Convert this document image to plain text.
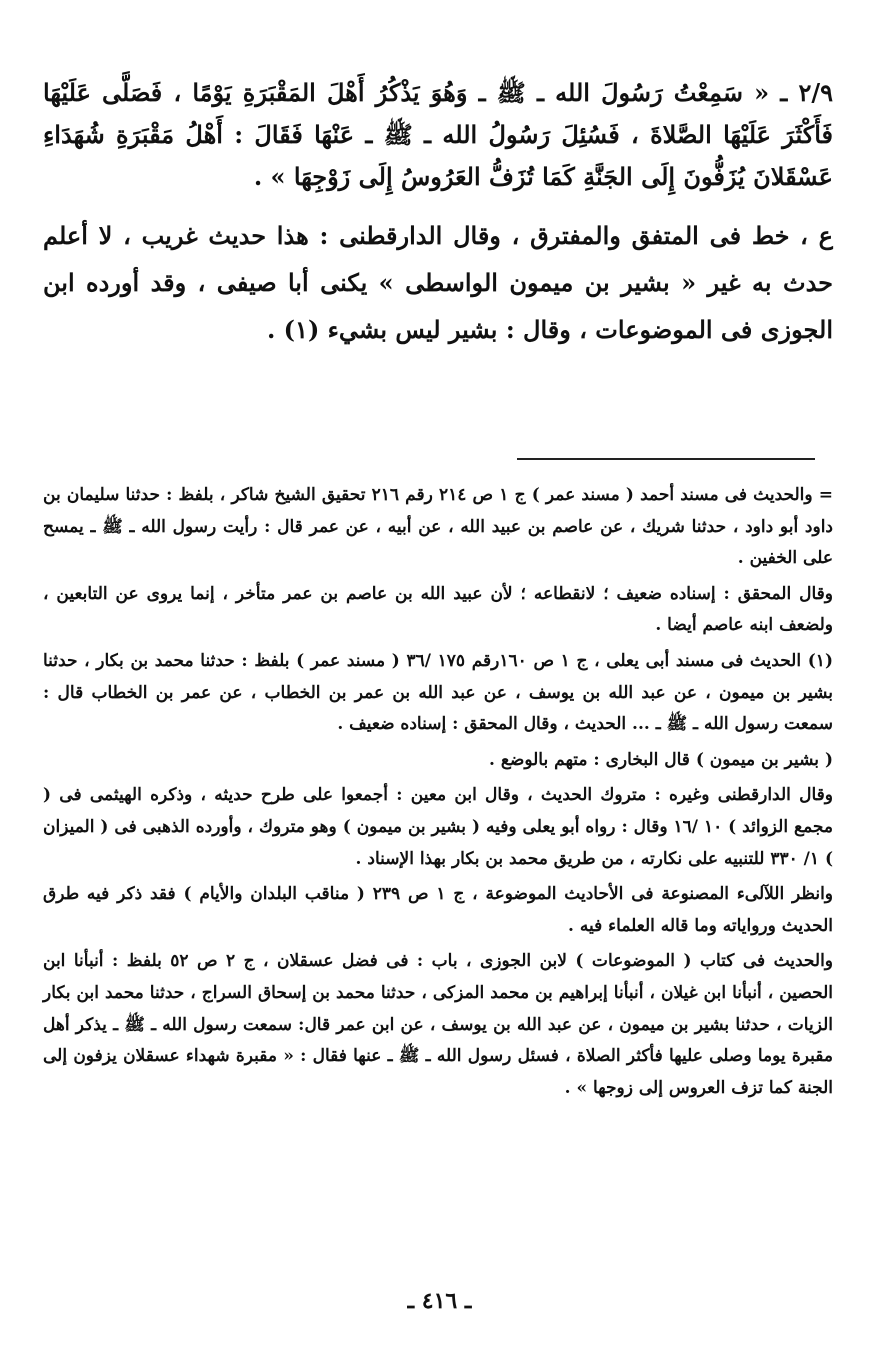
٢/٩ ـ « سَمِعْتُ رَسُولَ الله ـ ﷺ ـ وَهُوَ يَذْكُرُ أَهْلَ المَقْبَرَةِ يَوْمًا ، فَصَلَّى عَلَيْهَا فَأَكْثَرَ عَلَيْهَا الصَّلاةَ ، فَسُئِلَ رَسُولُ الله ـ ﷺ ـ عَنْهَا فَقَالَ : أَهْلُ مَقْبَرَةِ شُهَدَاءِ عَسْقَلانَ يُزَفُّونَ إِلَى الجَنَّةِ كَمَا تُزَفُّ العَرُوسُ إِلَى زَوْجِهَا » .

ع ، خط فى المتفق والمفترق ، وقال الدارقطنى : هذا حديث غريب ، لا أعلم حدث به غير « بشير بن ميمون الواسطى » يكنى أبا صيفى ، وقد أورده ابن الجوزى فى الموضوعات ، وقال : بشير ليس بشيء (١) .

= والحديث فى مسند أحمد ( مسند عمر ) ج ١ ص ٢١٤ رقم ٢١٦ تحقيق الشيخ شاكر ، بلفظ : حدثنا سليمان بن داود أبو داود ، حدثنا شريك ، عن عاصم بن عبيد الله ، عن أبيه ، عن عمر قال : رأيت رسول الله ـ ﷺ ـ يمسح على الخفين .

وقال المحقق : إسناده ضعيف ؛ لانقطاعه ؛ لأن عبيد الله بن عاصم بن عمر متأخر ، إنما يروى عن التابعين ، ولضعف ابنه عاصم أيضا .

(١) الحديث فى مسند أبى يعلى ، ج ١ ص ١٦٠رقم ١٧٥ /٣٦ ( مسند عمر ) بلفظ : حدثنا محمد بن بكار ، حدثنا بشير بن ميمون ، عن عبد الله بن يوسف ، عن عبد الله بن عمر بن الخطاب ، عن عمر بن الخطاب قال : سمعت رسول الله ـ ﷺ ـ ... الحديث ، وقال المحقق : إسناده ضعيف .

( بشير بن ميمون ) قال البخارى : متهم بالوضع .

وقال الدارقطنى وغيره : متروك الحديث ، وقال ابن معين : أجمعوا على طرح حديثه ، وذكره الهيثمى فى ( مجمع الزوائد ) ١٠ /١٦ وقال : رواه أبو يعلى وفيه ( بشير بن ميمون ) وهو متروك ، وأورده الذهبى فى ( الميزان ) ١/ ٣٣٠ للتنبيه على نكارته ، من طريق محمد بن بكار بهذا الإسناد .

وانظر اللآلىء المصنوعة فى الأحاديث الموضوعة ، ج ١ ص ٢٣٩ ( مناقب البلدان والأيام ) فقد ذكر فيه طرق الحديث ورواياته وما قاله العلماء فيه .

والحديث فى كتاب ( الموضوعات ) لابن الجوزى ، باب : فى فضل عسقلان ، ج ٢ ص ٥٢ بلفظ : أنبأنا ابن الحصين ، أنبأنا ابن غيلان ، أنبأنا إبراهيم بن محمد المزكى ، حدثنا محمد بن إسحاق السراج ، حدثنا محمد ابن بكار الزيات ، حدثنا بشير بن ميمون ، عن عبد الله بن يوسف ، عن ابن عمر قال: سمعت رسول الله ـ ﷺ ـ يذكر أهل مقبرة يوما وصلى عليها فأكثر الصلاة ، فسئل رسول الله ـ ﷺ ـ عنها فقال : « مقبرة شهداء عسقلان يزفون إلى الجنة كما تزف العروس إلى زوجها » .

ـ ٤١٦ ـ
